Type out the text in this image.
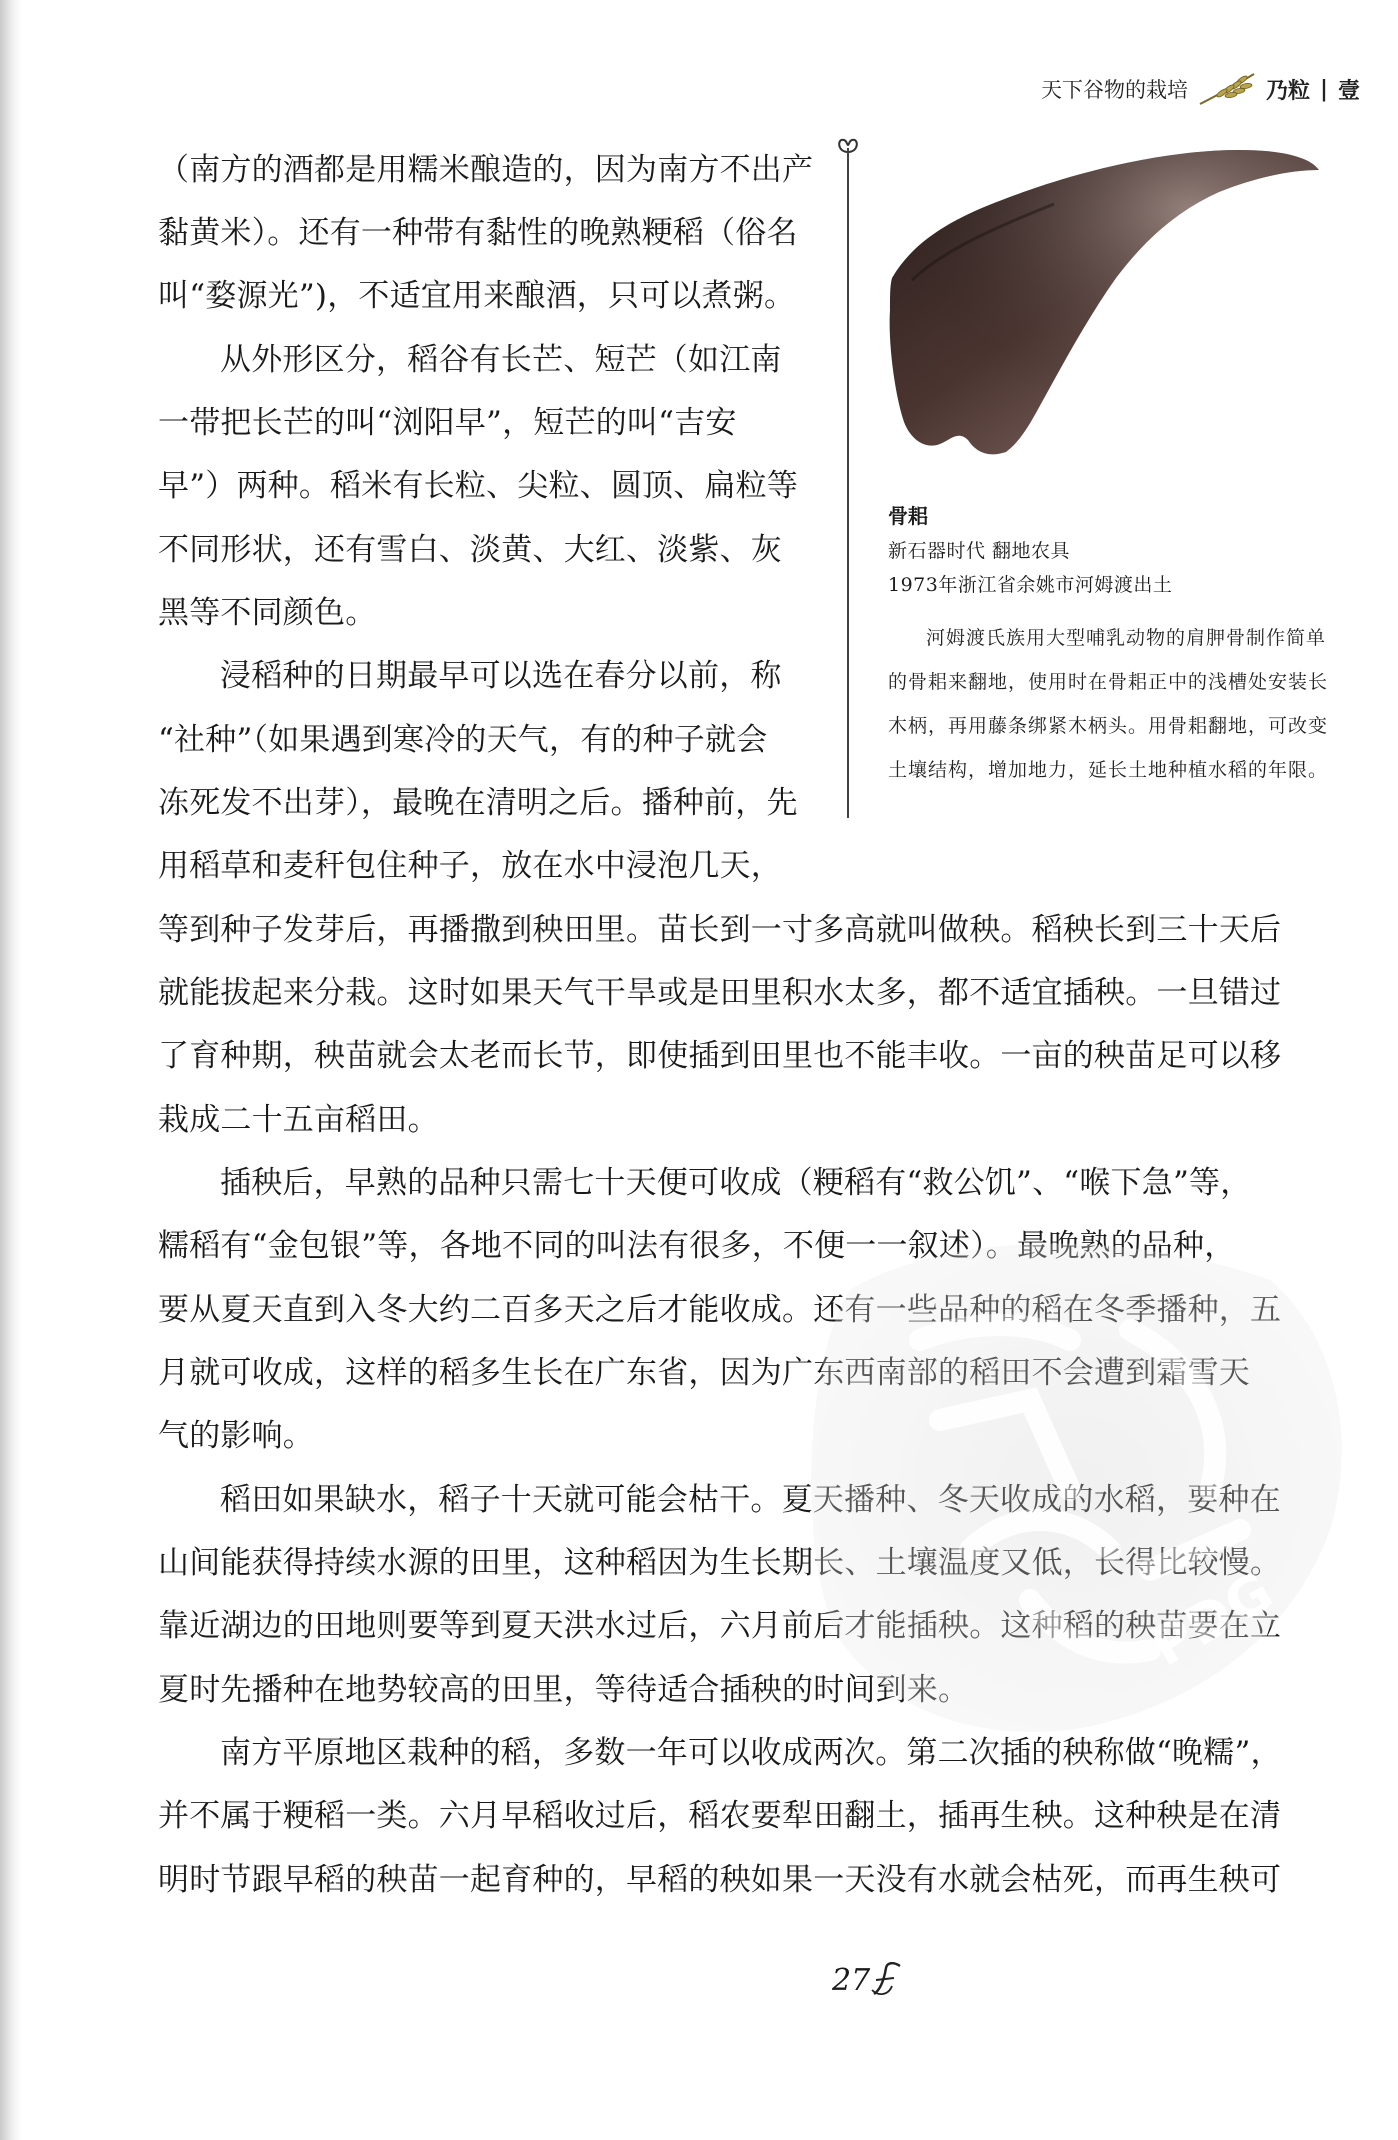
天下谷物的栽培	乃粒 | 壹
（南方的酒都是用糯米酿造的，因为南方不出产
黏黄米）。还有一种带有黏性的晚熟粳稻（俗名
叫“婺源光”)，不适宜用来酿酒，只可以煮粥。
从外形区分，稻谷有长芒、短芒（如江南
一带把长芒的叫“浏阳早”，短芒的叫“吉安
早”）两种。稻米有长粒、尖粒、圆顶、扁粒等
不同形状，还有雪白、淡黄、大红、淡紫、灰
黑等不同颜色。
浸稻种的日期最早可以选在春分以前，称
“社种”（如果遇到寒冷的天气，有的种子就会
冻死发不出芽），最晚在清明之后。播种前，先
用稻草和麦秆包住种子，放在水中浸泡几天，
等到种子发芽后，再播撒到秧田里。苗长到一寸多高就叫做秧。稻秧长到三十天后
就能拔起来分栽。这时如果天气干旱或是田里积水太多，都不适宜插秧。一旦错过
了育种期，秧苗就会太老而长节，即使插到田里也不能丰收。一亩的秧苗足可以移
栽成二十五亩稻田。
插秧后，早熟的品种只需七十天便可收成（粳稻有“救公饥”、“喉下急”等，
糯稻有“金包银”等，各地不同的叫法有很多，不便一一叙述）。最晚熟的品种，
要从夏天直到入冬大约二百多天之后才能收成。还有一些品种的稻在冬季播种，五
月就可收成，这样的稻多生长在广东省，因为广东西南部的稻田不会遭到霜雪天
气的影响。
稻田如果缺水，稻子十天就可能会枯干。夏天播种、冬天收成的水稻，要种在
山间能获得持续水源的田里，这种稻因为生长期长、土壤温度又低，长得比较慢。
靠近湖边的田地则要等到夏天洪水过后，六月前后才能插秧。这种稻的秧苗要在立
夏时先播种在地势较高的田里，等待适合插秧的时间到来。
南方平原地区栽种的稻，多数一年可以收成两次。第二次插的秧称做“晚糯”，
并不属于粳稻一类。六月早稻收过后，稻农要犁田翻土，插再生秧。这种秧是在清
明时节跟早稻的秧苗一起育种的，早稻的秧如果一天没有水就会枯死，而再生秧可
骨耜
新石器时代 翻地农具
1973年浙江省余姚市河姆渡出土

河姆渡氏族用大型哺乳动物的肩胛骨制作简单的骨耜来翻地，使用时在骨耜正中的浅槽处安装长木柄，再用藤条绑紧木柄头。用骨耜翻地，可改变土壤结构，增加地力，延长土地种植水稻的年限。

PDG
27
